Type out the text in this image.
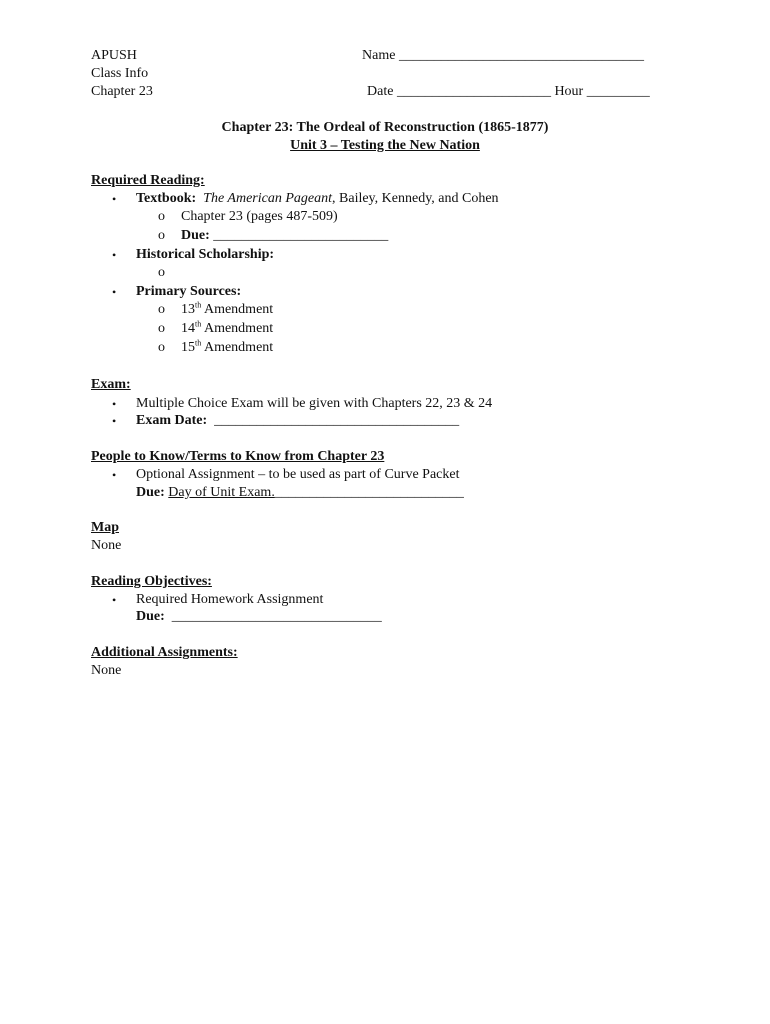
APUSH
Class Info
Chapter 23
Name ___________________________________
Date ______________________ Hour _________
Chapter 23: The Ordeal of Reconstruction (1865-1877)
Unit 3 – Testing the New Nation
Required Reading:
• Textbook: The American Pageant, Bailey, Kennedy, and Cohen
o Chapter 23 (pages 487-509)
o Due: _________________________
• Historical Scholarship:
o
• Primary Sources:
o 13th Amendment
o 14th Amendment
o 15th Amendment
Exam:
• Multiple Choice Exam will be given with Chapters 22, 23 & 24
• Exam Date: ___________________________________
People to Know/Terms to Know from Chapter 23
• Optional Assignment – to be used as part of Curve Packet
Due: Day of Unit Exam.___________________________
Map
None
Reading Objectives:
• Required Homework Assignment
Due: ______________________________
Additional Assignments:
None
